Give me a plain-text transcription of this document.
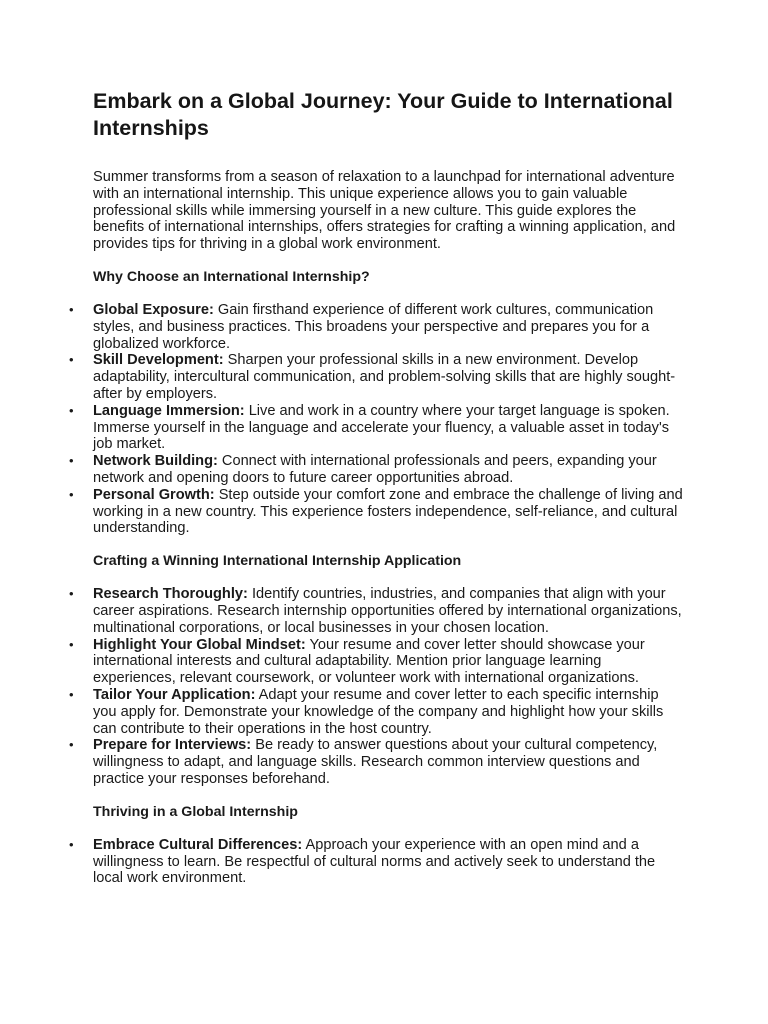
Embark on a Global Journey: Your Guide to International Internships

Summer transforms from a season of relaxation to a launchpad for international adventure with an international internship. This unique experience allows you to gain valuable professional skills while immersing yourself in a new culture. This guide explores the benefits of international internships, offers strategies for crafting a winning application, and provides tips for thriving in a global work environment.

Why Choose an International Internship?
• Global Exposure: Gain firsthand experience of different work cultures, communication styles, and business practices. This broadens your perspective and prepares you for a globalized workforce.
• Skill Development: Sharpen your professional skills in a new environment. Develop adaptability, intercultural communication, and problem-solving skills that are highly sought-after by employers.
• Language Immersion: Live and work in a country where your target language is spoken. Immerse yourself in the language and accelerate your fluency, a valuable asset in today's job market.
• Network Building: Connect with international professionals and peers, expanding your network and opening doors to future career opportunities abroad.
• Personal Growth: Step outside your comfort zone and embrace the challenge of living and working in a new country. This experience fosters independence, self-reliance, and cultural understanding.
Crafting a Winning International Internship Application
• Research Thoroughly: Identify countries, industries, and companies that align with your career aspirations. Research internship opportunities offered by international organizations, multinational corporations, or local businesses in your chosen location.
• Highlight Your Global Mindset: Your resume and cover letter should showcase your international interests and cultural adaptability. Mention prior language learning experiences, relevant coursework, or volunteer work with international organizations.
• Tailor Your Application: Adapt your resume and cover letter to each specific internship you apply for. Demonstrate your knowledge of the company and highlight how your skills can contribute to their operations in the host country.
• Prepare for Interviews: Be ready to answer questions about your cultural competency, willingness to adapt, and language skills. Research common interview questions and practice your responses beforehand.
Thriving in a Global Internship
• Embrace Cultural Differences: Approach your experience with an open mind and a willingness to learn. Be respectful of cultural norms and actively seek to understand the local work environment.
